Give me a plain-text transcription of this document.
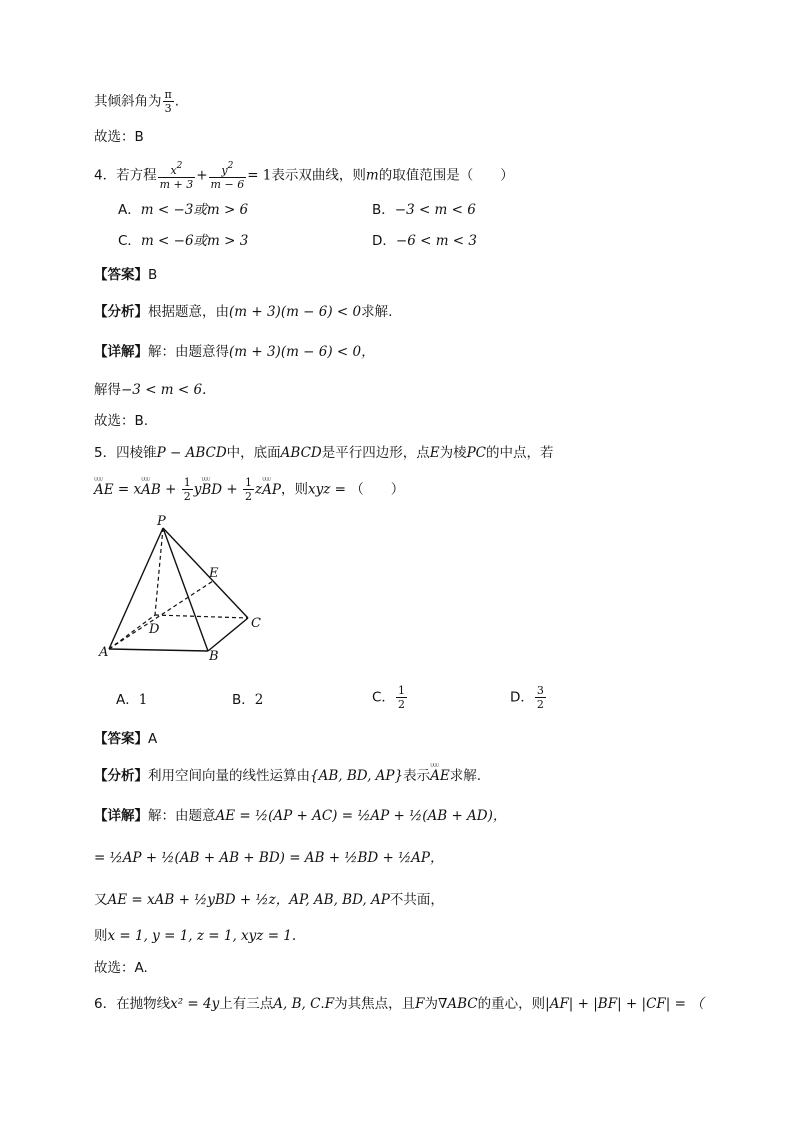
其倾斜角为 $\frac{\pi}{3}$ .
故选：B
4．若方程 $\frac{x^2}{m + 3} + \frac{y^2}{m - 6} = 1$表示双曲线，则m的取值范围是（　　）
A．m < −3或m > 6	B．−3 < m < 6
C．m < −6或m > 3	D．−6 < m < 3
【答案】B
【分析】根据题意，由(m + 3)(m − 6) < 0求解.
【详解】解：由题意得(m + 3)(m − 6) < 0，
解得−3 < m < 6.
故选：B.
5．四棱锥P − ABCD中，底面ABCD是平行四边形，点E为棱PC的中点，若
ᵁᵁᵁ AE = xᵁᵁᵁ AB + $\frac{1}{2}$ yᵁᵁᵁ BD + $\frac{1}{2}$ zᵁᵁᵁ AP，则xyz = （　　）
P
E
D	C
A	B
A．1	B．2	C． $\frac{1}{2}$	D． $\frac{3}{2}$
【答案】A
【分析】利用空间向量的线性运算由{AB, BD, AP}表示ᵁᵁᵁ AE求解.
【详解】解：由题意AE = ½(AP + AC) = ½AP + ½(AB + AD)，
= ½AP + ½(AB + AB + BD) = AB + ½BD + ½AP，
又AE = xAB + ½yBD + ½z，AP, AB, BD, AP不共面，
则x = 1, y = 1, z = 1, xyz = 1.
故选：A.
6．在抛物线x² = 4y上有三点A, B, C.F为其焦点，且F为∇ABC的重心，则|AF| + |BF| + |CF| = （
